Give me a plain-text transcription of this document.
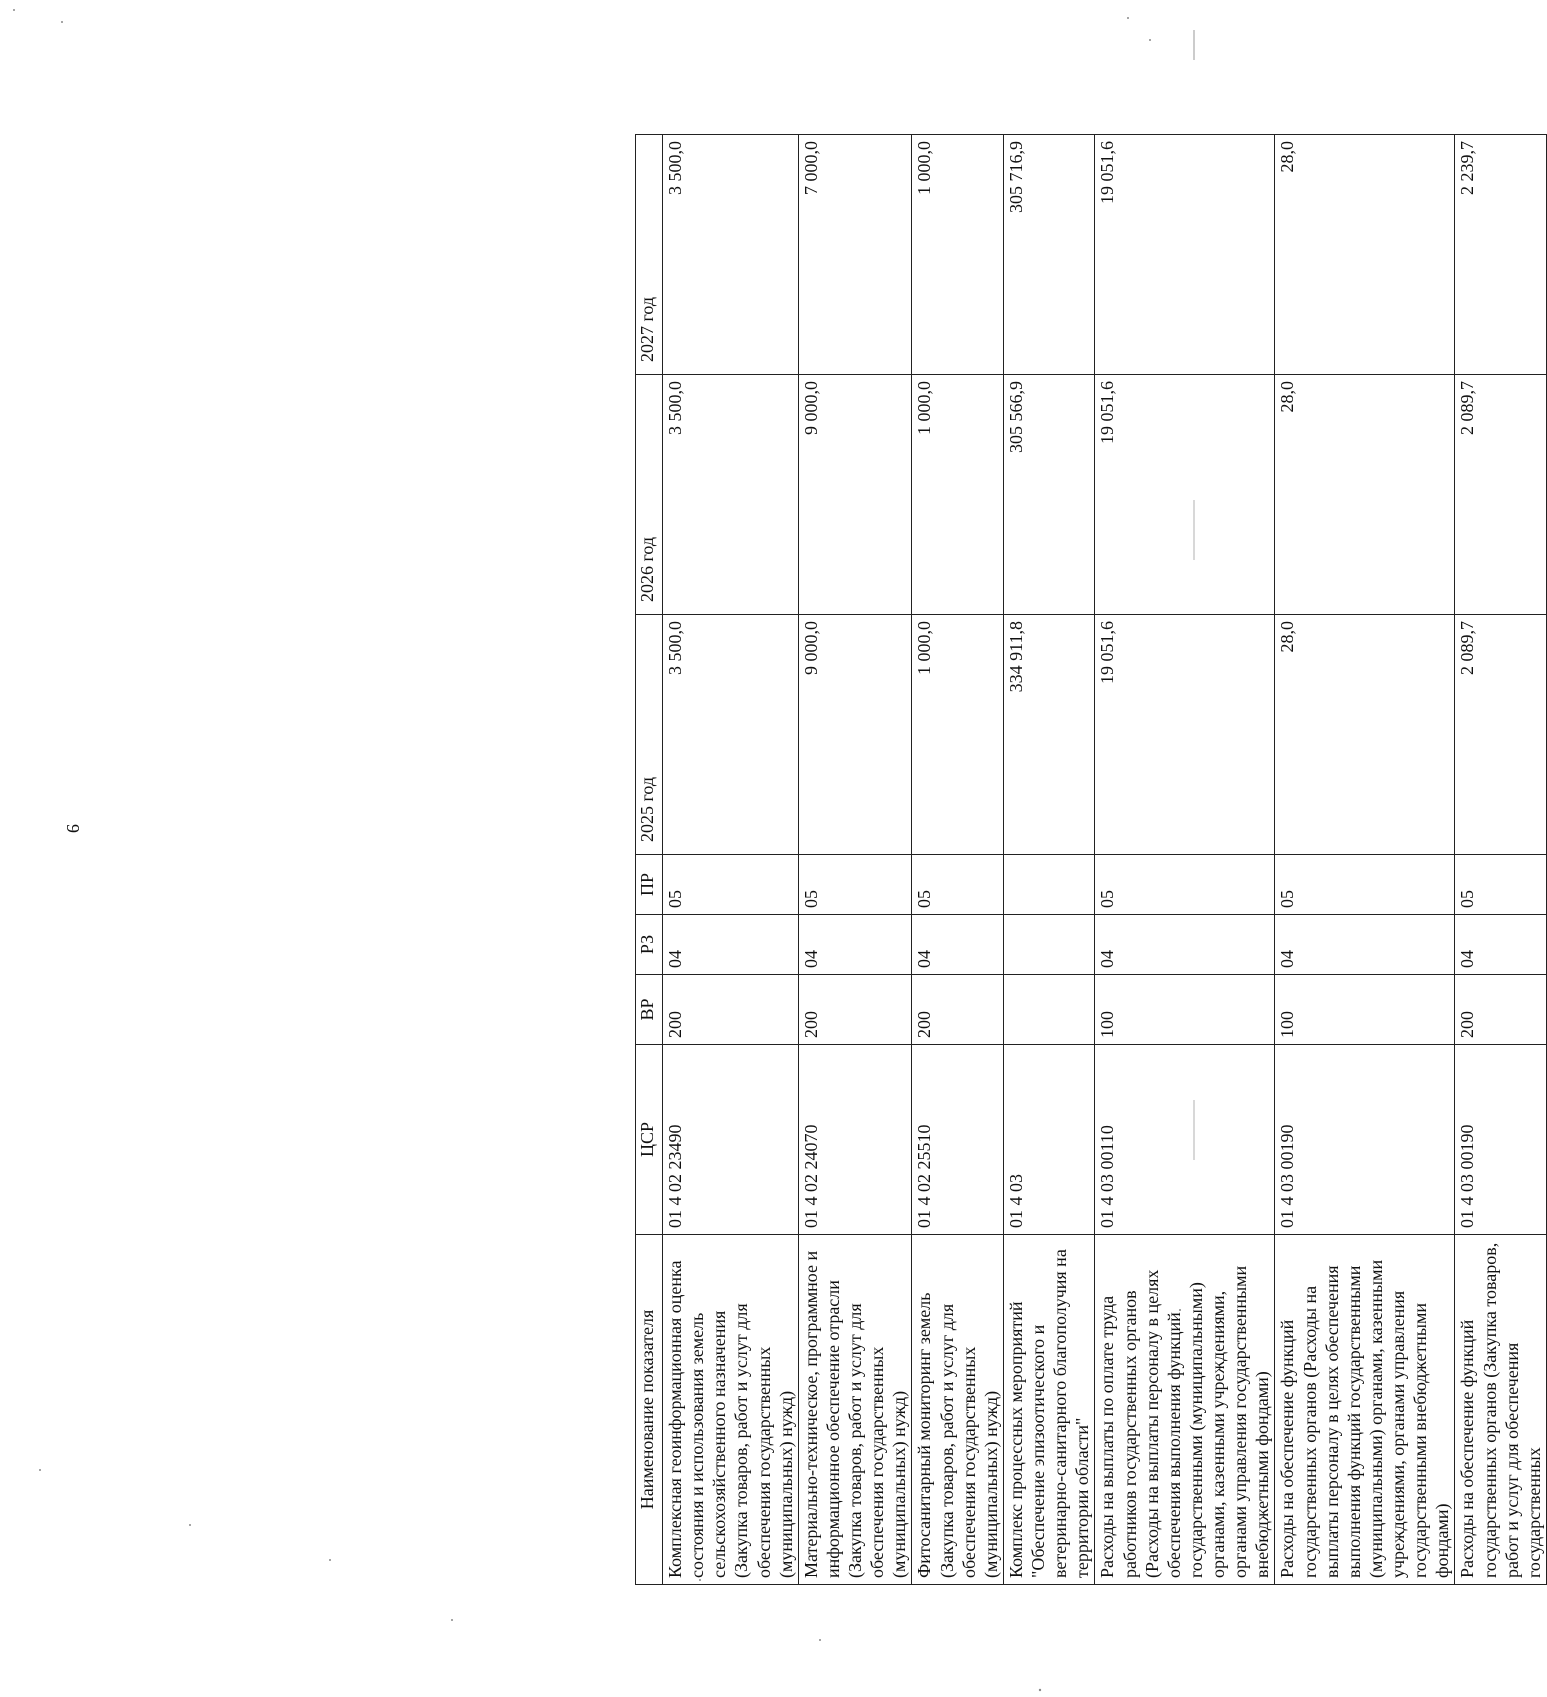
9
Наименование показателя	ЦСР	ВР	РЗ	ПР	2025 год	2026 год	2027 год
Комплексная геоинформационная оценка состояния и использования земель сельскохозяйственного назначения (Закупка товаров, работ и услут для обеспечения государственных (муниципальных) нужд)	01 4 02 23490	200	04	05	3 500,0	3 500,0	3 500,0
Материально-техническое, программное и информационное обеспечение отрасли (Закупка товаров, работ и услут для обеспечения государственных (муниципальных) нужд)	01 4 02 24070	200	04	05	9 000,0	9 000,0	7 000,0
Фитосанитарный мониторинг земель (Закупка товаров, работ и услуг для обеспечения государственных (муниципальных) нужд)	01 4 02 25510	200	04	05	1 000,0	1 000,0	1 000,0
Комплекс процессных мероприятий "Обеспечение эпизоотического и ветеринарно-санитарного благополучия на территории области"	01 4 03				334 911,8	305 566,9	305 716,9
Расходы на выплаты по оплате труда работников государственных органов (Расходы на выплаты персоналу в целях обеспечения выполнения функций государственными (муниципальными) органами, казенными учреждениями, органами управления государственными внебюджетными фондами)	01 4 03 00110	100	04	05	19 051,6	19 051,6	19 051,6
Расходы на обеспечение функций государственных органов (Расходы на выплаты персоналу в целях обеспечения выполнения функций государственными (муниципальными) органами, казенными учреждениями, органами управления государственными внебюджетными фондами)	01 4 03 00190	100	04	05	28,0	28,0	28,0
Расходы на обеспечение функций государственных органов (Закупка товаров, работ и услуг для обеспечения государственных	01 4 03 00190	200	04	05	2 089,7	2 089,7	2 239,7
